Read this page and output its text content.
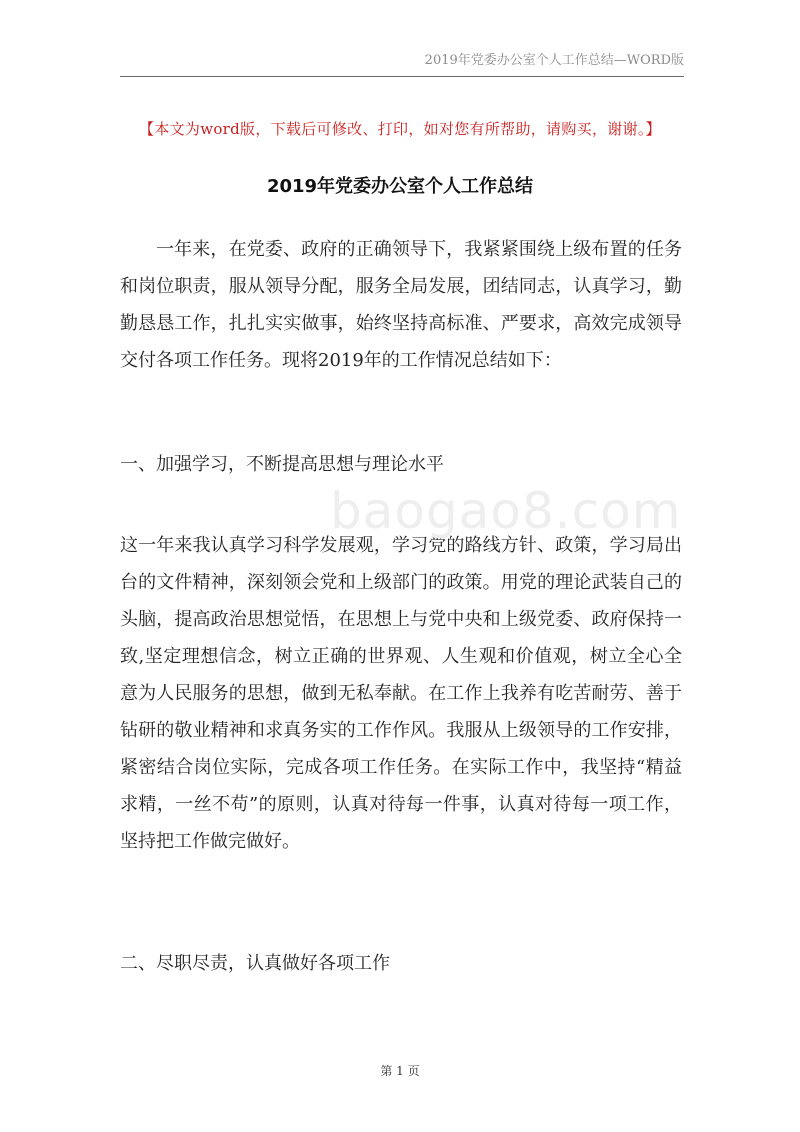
2019年党委办公室个人工作总结—WORD版
【本文为word版，下载后可修改、打印，如对您有所帮助，请购买，谢谢。】
2019年党委办公室个人工作总结
一年来，在党委、政府的正确领导下，我紧紧围绕上级布置的任务和岗位职责，服从领导分配，服务全局发展，团结同志，认真学习，勤勤恳恳工作，扎扎实实做事，始终坚持高标准、严要求，高效完成领导交付各项工作任务。现将2019年的工作情况总结如下：
一、加强学习，不断提高思想与理论水平
这一年来我认真学习科学发展观，学习党的路线方针、政策，学习局出台的文件精神，深刻领会党和上级部门的政策。用党的理论武装自己的头脑，提高政治思想觉悟，在思想上与党中央和上级党委、政府保持一致,坚定理想信念，树立正确的世界观、人生观和价值观，树立全心全意为人民服务的思想，做到无私奉献。在工作上我养有吃苦耐劳、善于钻研的敬业精神和求真务实的工作作风。我服从上级领导的工作安排，紧密结合岗位实际，完成各项工作任务。在实际工作中，我坚持“精益求精，一丝不苟”的原则，认真对待每一件事，认真对待每一项工作，坚持把工作做完做好。
二、尽职尽责，认真做好各项工作
baogao8.com
第 1 页
